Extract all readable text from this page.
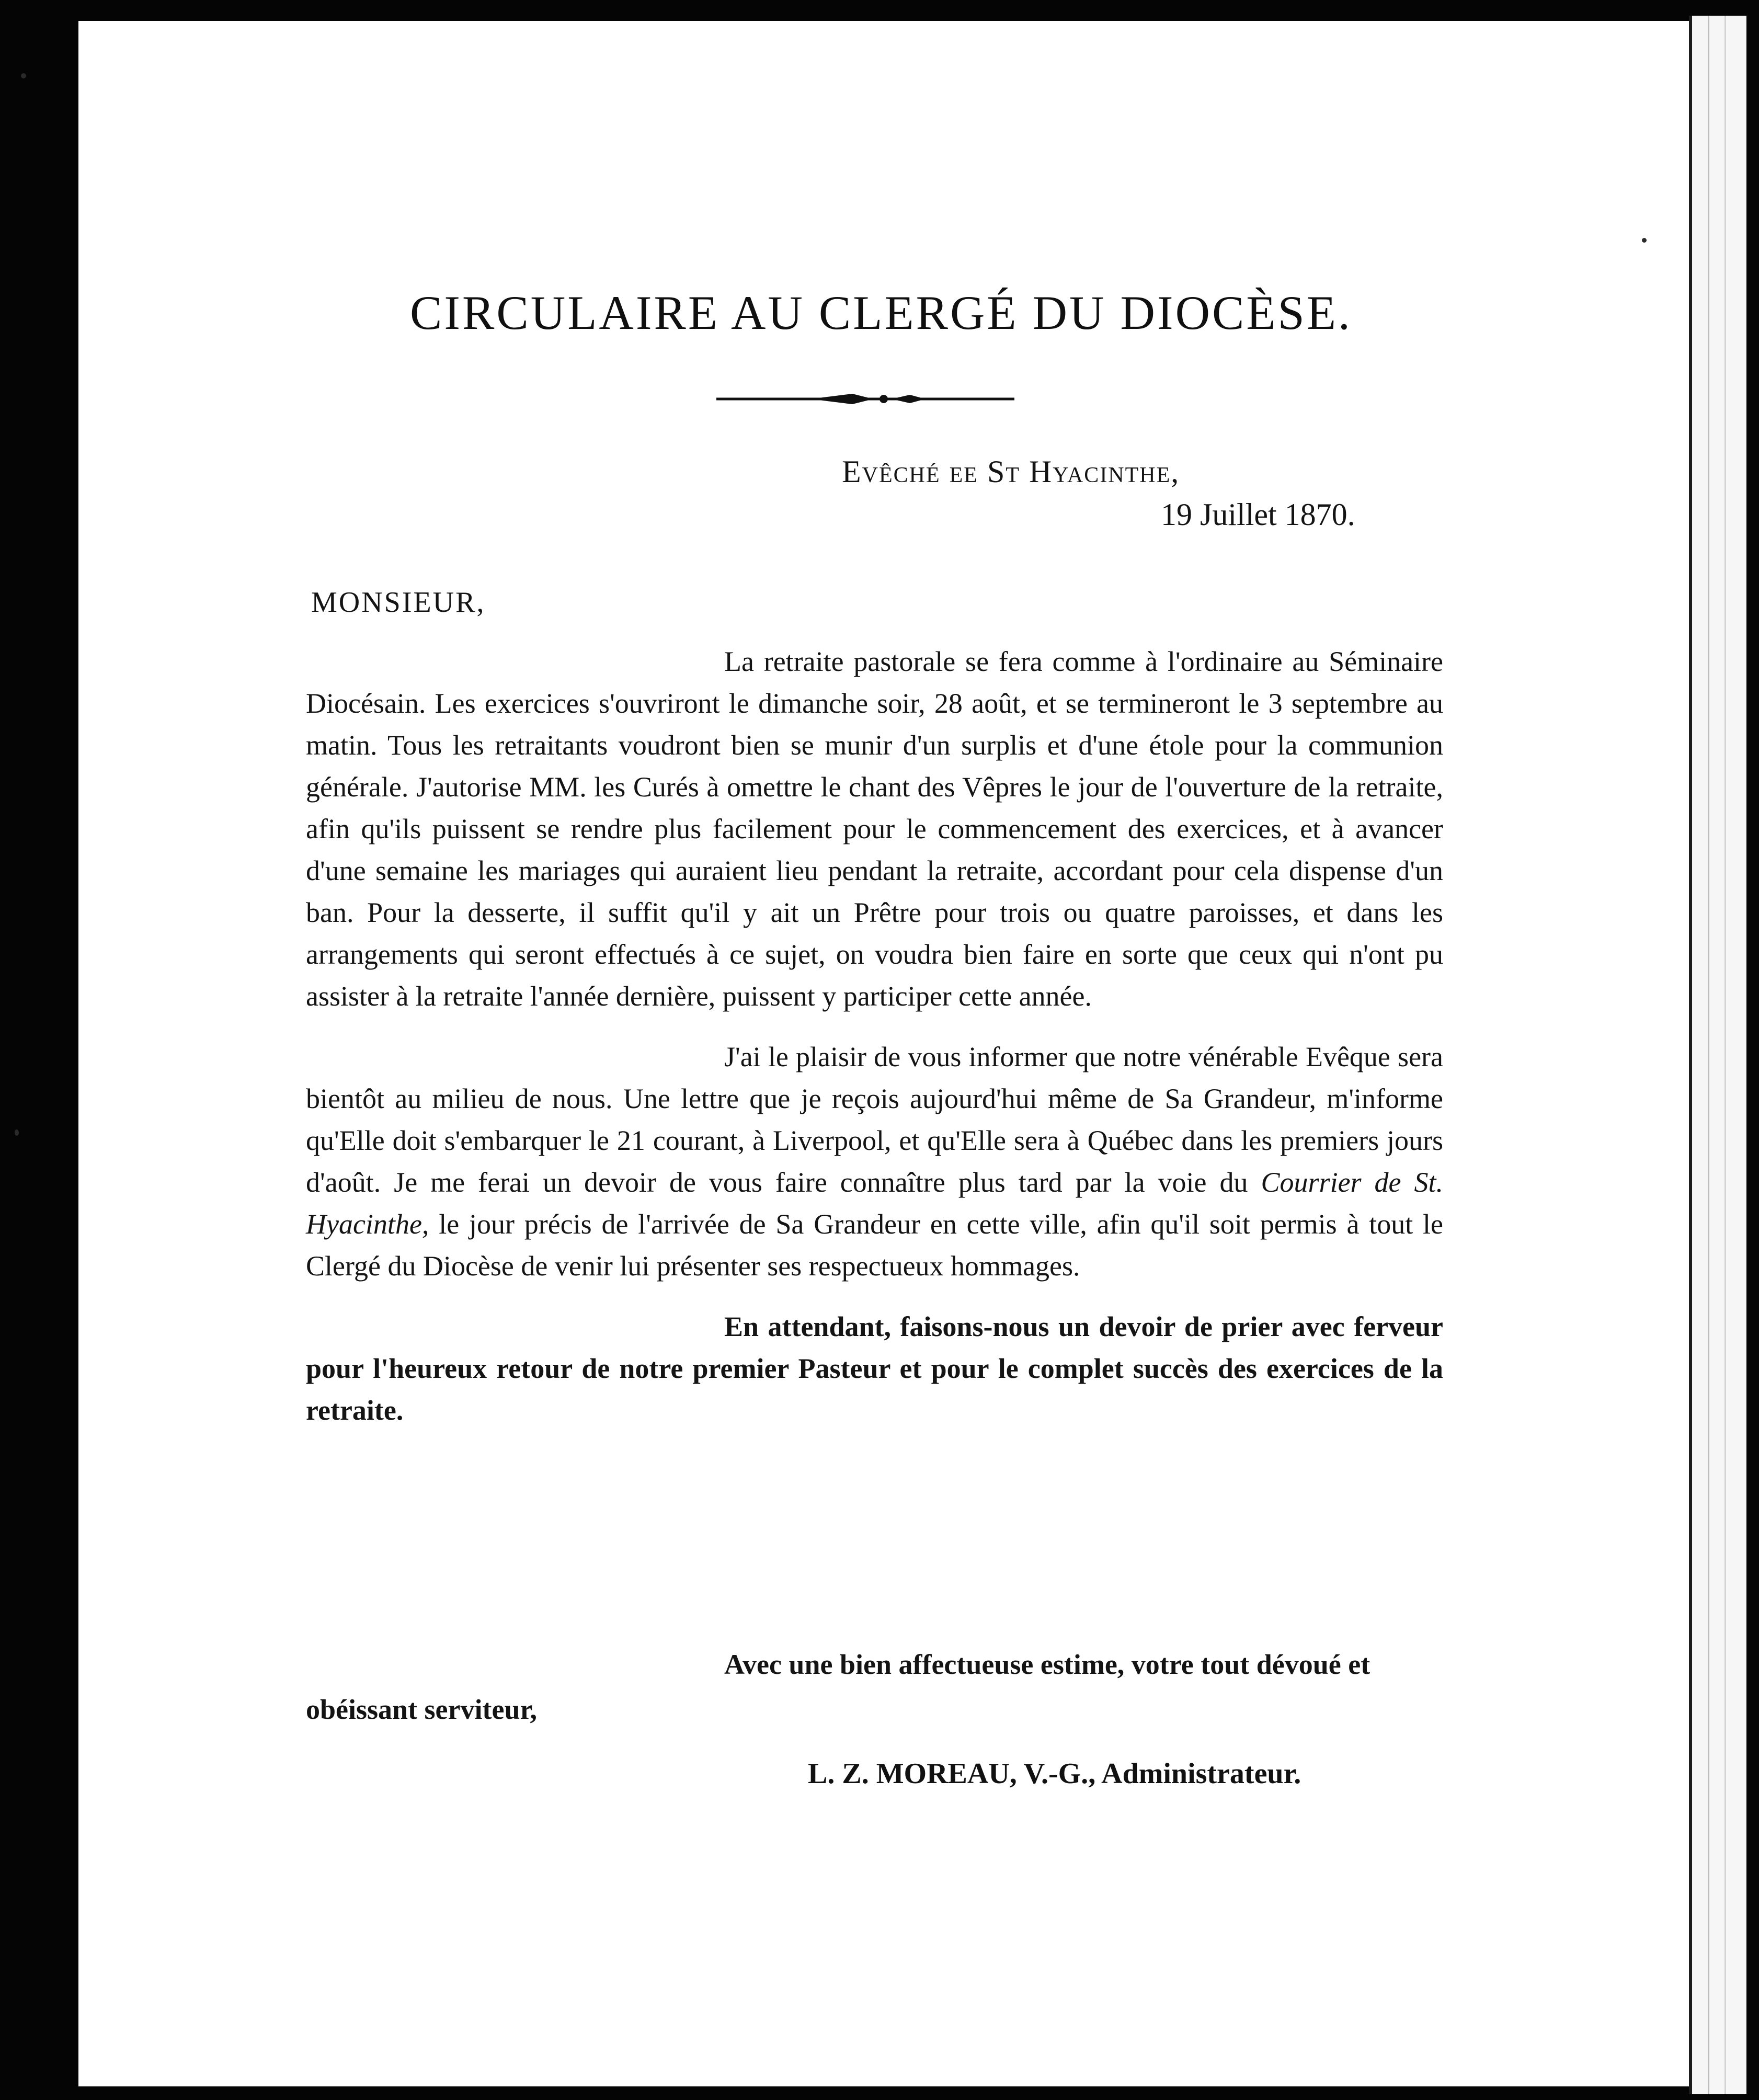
CIRCULAIRE AU CLERGÉ DU DIOCÈSE.
Evêché ee St Hyacinthe,
19 Juillet 1870.
MONSIEUR,

La retraite pastorale se fera comme à l'ordinaire au Séminaire Diocésain. Les exercices s'ouvriront le dimanche soir, 28 août, et se termineront le 3 septembre au matin. Tous les retraitants voudront bien se munir d'un surplis et d'une étole pour la communion générale. J'autorise MM. les Curés à omettre le chant des Vêpres le jour de l'ouverture de la retraite, afin qu'ils puissent se rendre plus facilement pour le commencement des exercices, et à avancer d'une semaine les mariages qui auraient lieu pendant la retraite, accordant pour cela dispense d'un ban. Pour la desserte, il suffit qu'il y ait un Prêtre pour trois ou quatre paroisses, et dans les arrangements qui seront effectués à ce sujet, on voudra bien faire en sorte que ceux qui n'ont pu assister à la retraite l'année dernière, puissent y participer cette année.

J'ai le plaisir de vous informer que notre vénérable Evêque sera bientôt au milieu de nous. Une lettre que je reçois aujourd'hui même de Sa Grandeur, m'informe qu'Elle doit s'embarquer le 21 courant, à Liverpool, et qu'Elle sera à Québec dans les premiers jours d'août. Je me ferai un devoir de vous faire connaître plus tard par la voie du Courrier de St. Hyacinthe, le jour précis de l'arrivée de Sa Grandeur en cette ville, afin qu'il soit permis à tout le Clergé du Diocèse de venir lui présenter ses respectueux hommages.

En attendant, faisons-nous un devoir de prier avec ferveur pour l'heureux retour de notre premier Pasteur et pour le complet succès des exercices de la retraite.

Avec une bien affectueuse estime, votre tout dévoué et obéissant serviteur,

L. Z. MOREAU, V.-G., Administrateur.
